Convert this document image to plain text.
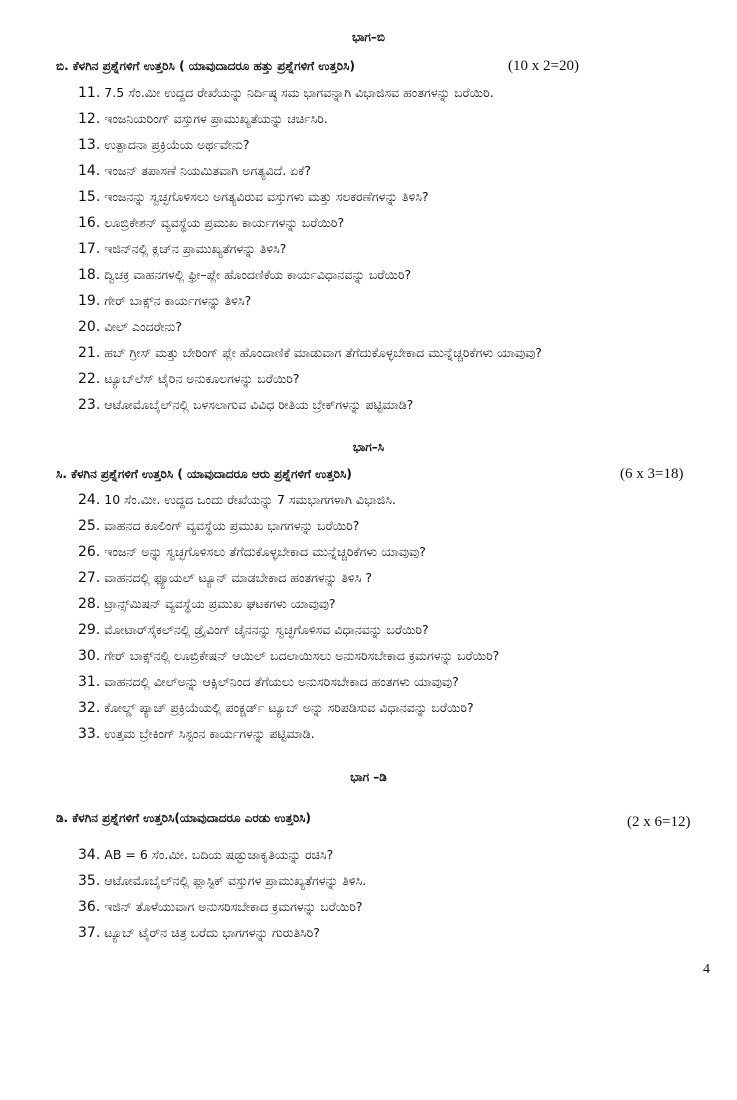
ಭಾಗ–ಬಿ
ಬಿ. ಕೆಳಗಿನ ಪ್ರಶ್ನೆಗಳಿಗೆ ಉತ್ತರಿಸಿ ( ಯಾವುದಾದರೂ ಹತ್ತು ಪ್ರಶ್ನೆಗಳಿಗೆ ಉತ್ತರಿಸಿ)	(10 x 2=20)
11. 7.5 ಸೆಂ.ಮೀ ಉದ್ದದ ರೇಖೆಯನ್ನು ನಿರ್ದಿಷ್ಠ ಸಮ ಭಾಗವನ್ನಾಗಿ ವಿಭಾಜಿಸವ ಹಂತಗಳನ್ನು ಬರೆಯಿರಿ.
12. ಇಂಜನಿಯರಿಂಗ್ ವಸ್ತುಗಳ ಪ್ರಾಮುಖ್ಯತೆಯನ್ನು ಚರ್ಚಿಸಿರಿ.
13. ಉತ್ಪಾದನಾ ಪ್ರಕ್ರಿಯೆಯ ಅರ್ಥವೇನು?
14. ಇಂಜನ್ ತಪಾಸಣೆ ನಿಯಮಿತವಾಗಿ ಅಗತ್ಯವಿದೆ. ಏಕೆ?
15. ಇಂಜನನ್ನು ಸ್ವಚ್ಛಗೊಳಿಸಲು ಅಗತ್ಯವಿರುವ ವಸ್ತುಗಳು ಮತ್ತು ಸಲಕರಣೆಗಳನ್ನು ತಿಳಿಸಿ?
16. ಲೂಬ್ರಿಕೇಶನ್ ವ್ಯವಸ್ಥೆಯ ಪ್ರಮುಖ ಕಾರ್ಯಗಳನ್ನು ಬರೆಯಿರಿ?
17. ಇಜಿನ್‌ನಲ್ಲಿ ಕ್ಲಚ್‌ನ ಪ್ರಾಮುಖ್ಯತೆಗಳನ್ನು ತಿಳಿಸಿ?
18. ದ್ವಿಚಕ್ರ ವಾಹನಗಳಲ್ಲಿ ಫ್ರೀ–ಪ್ಲೇ ಹೊಂದಣಿಕೆಯ ಕಾರ್ಯವಿಧಾನವನ್ನು ಬರೆಯಿರಿ?
19. ಗೇರ್ ಬಾಕ್ಸ್‌ನ ಕಾರ್ಯಗಳನ್ನು ತಿಳಿಸಿ?
20. ವೀಲ್ ಎಂದರೇನು?
21. ಹಬ್ ಗ್ರೀಸ್ ಮತ್ತು ಬೇರಿಂಗ್ ಪ್ಲೇ ಹೊಂದಾಣಿಕೆ ಮಾಡುವಾಗ ತೆಗೆದುಕೊಳ್ಳಬೇಕಾದ ಮುನ್ನೆಚ್ಚರಿಕೆಗಳು ಯಾವುವು?
22. ಟ್ಯೂಬ್‌ಲೆಸ್ ಟೈರಿನ ಅನುಕೂಲಗಳನ್ನು ಬರೆಯಿರಿ?
23. ಆಟೋಮೊಬೈಲ್‌ನಲ್ಲಿ ಬಳಸಲಾಗುವ ವಿವಿಧ ರೀತಿಯ ಬ್ರೇಕ್‌ಗಳನ್ನು ಪಟ್ಟಿಮಾಡಿ?
ಭಾಗ–ಸಿ
ಸಿ. ಕೆಳಗಿನ ಪ್ರಶ್ನೆಗಳಿಗೆ ಉತ್ತರಿಸಿ ( ಯಾವುದಾದರೂ ಆರು ಪ್ರಶ್ನೆಗಳಿಗೆ ಉತ್ತರಿಸಿ)	(6 x 3=18)
24. 10 ಸೆಂ.ಮೀ. ಉದ್ದದ ಒಂದು ರೇಖೆಯನ್ನು 7 ಸಮಭಾಗಗಳಾಗಿ ವಿಭಾಜಿಸಿ.
25. ವಾಹನದ ಕೂಲಿಂಗ್ ವ್ಯವಸ್ಥೆಯ ಪ್ರಮುಖ ಭಾಗಗಳನ್ನು ಬರೆಯಿರಿ?
26. ಇಂಜನ್ ಅನ್ನು ಸ್ವಚ್ಛಗೊಳಿಸಲು ತೆಗೆದುಕೊಳ್ಳಬೇಕಾದ ಮುನ್ನೆಚ್ಚರಿಕೆಗಳು ಯಾವುವು?
27. ವಾಹನದಲ್ಲಿ ಫ್ಯೂಯಲ್ ಟ್ಯೂನ್ ಮಾಡಬೇಕಾದ ಹಂತಗಳನ್ನು ತಿಳಿಸಿ ?
28. ಟ್ರಾನ್ಸ್‌ಮಿಷನ್ ವ್ಯವಸ್ಥೆಯ ಪ್ರಮುಖ ಘಟಕಗಳು ಯಾವುವು?
29. ಮೋಟಾರ್‌ಸೈಕಲ್‌ನಲ್ಲಿ ಡ್ರೈವಿಂಗ್ ಚೈನನನ್ನು ಸ್ವಚ್ಛಗೊಳಿಸವ ವಿಧಾನವನ್ನು ಬರೆಯಿರಿ?
30. ಗೇರ್ ಬಾಕ್ಸ್‌ನಲ್ಲಿ ಲೂಬ್ರಿಕೇಷನ್ ಆಯಿಲ್ ಬದಲಾಯಿಸಲು ಅನುಸರಿಸಬೇಕಾದ ಕ್ರಮಗಳನ್ನು ಬರೆಯಿರಿ?
31. ವಾಹನದಲ್ಲಿ ವೀಲ್‌ಅನ್ನು ಆಕ್ಸಿಲ್‌ನಿಂದ ತೆಗೆಯಲು ಅನುಸರಿಸಬೇಕಾದ ಹಂತಗಳು ಯಾವುವು?
32. ಕೋಲ್ಡ್ ಪ್ಯಾಚ್ ಪ್ರಕ್ರಿಯೆಯಲ್ಲಿ ಪಂಕ್ಚರ್ಡ್ ಟ್ಯೂಬ್ ಅನ್ನು ಸರಿಪಡಿಸುವ ವಿಧಾನವನ್ನು ಬರೆಯಿರಿ?
33. ಉತ್ತಮ ಬ್ರೇಕಿಂಗ್ ಸಿಸ್ಟಂನ ಕಾರ್ಯಗಳನ್ನು ಪಟ್ಟಿಮಾಡಿ.
ಭಾಗ –ಡಿ
ಡಿ. ಕೆಳಗಿನ ಪ್ರಶ್ನೆಗಳಿಗೆ ಉತ್ತರಿಸಿ(ಯಾವುದಾದರೂ ಎರಡು ಉತ್ತರಿಸಿ)	(2 x 6=12)
34. AB = 6 ಸೆಂ.ಮೀ. ಬದಿಯ ಷಡ್ಭುಜಾಕೃತಿಯನ್ನು ರಚಿಸಿ?
35. ಆಟೋಮೊಬೈಲ್‌ನಲ್ಲಿ ಪ್ಲಾಸ್ಟಿಕ್ ವಸ್ತುಗಳ ಪ್ರಾಮುಖ್ಯತೆಗಳನ್ನು ತಿಳಿಸಿ.
36. ಇಜಿನ್ ತೊಳೆಯುವಾಗ ಅನುಸರಿಸಬೇಕಾದ ಕ್ರಮಗಳನ್ನು ಬರೆಯಿರಿ?
37. ಟ್ಯೂಬ್ ಟೈರ್‌ನ ಚಿತ್ರ ಬರೆದು ಭಾಗಗಳನ್ನು ಗುರುತಿಸಿರಿ?
4
